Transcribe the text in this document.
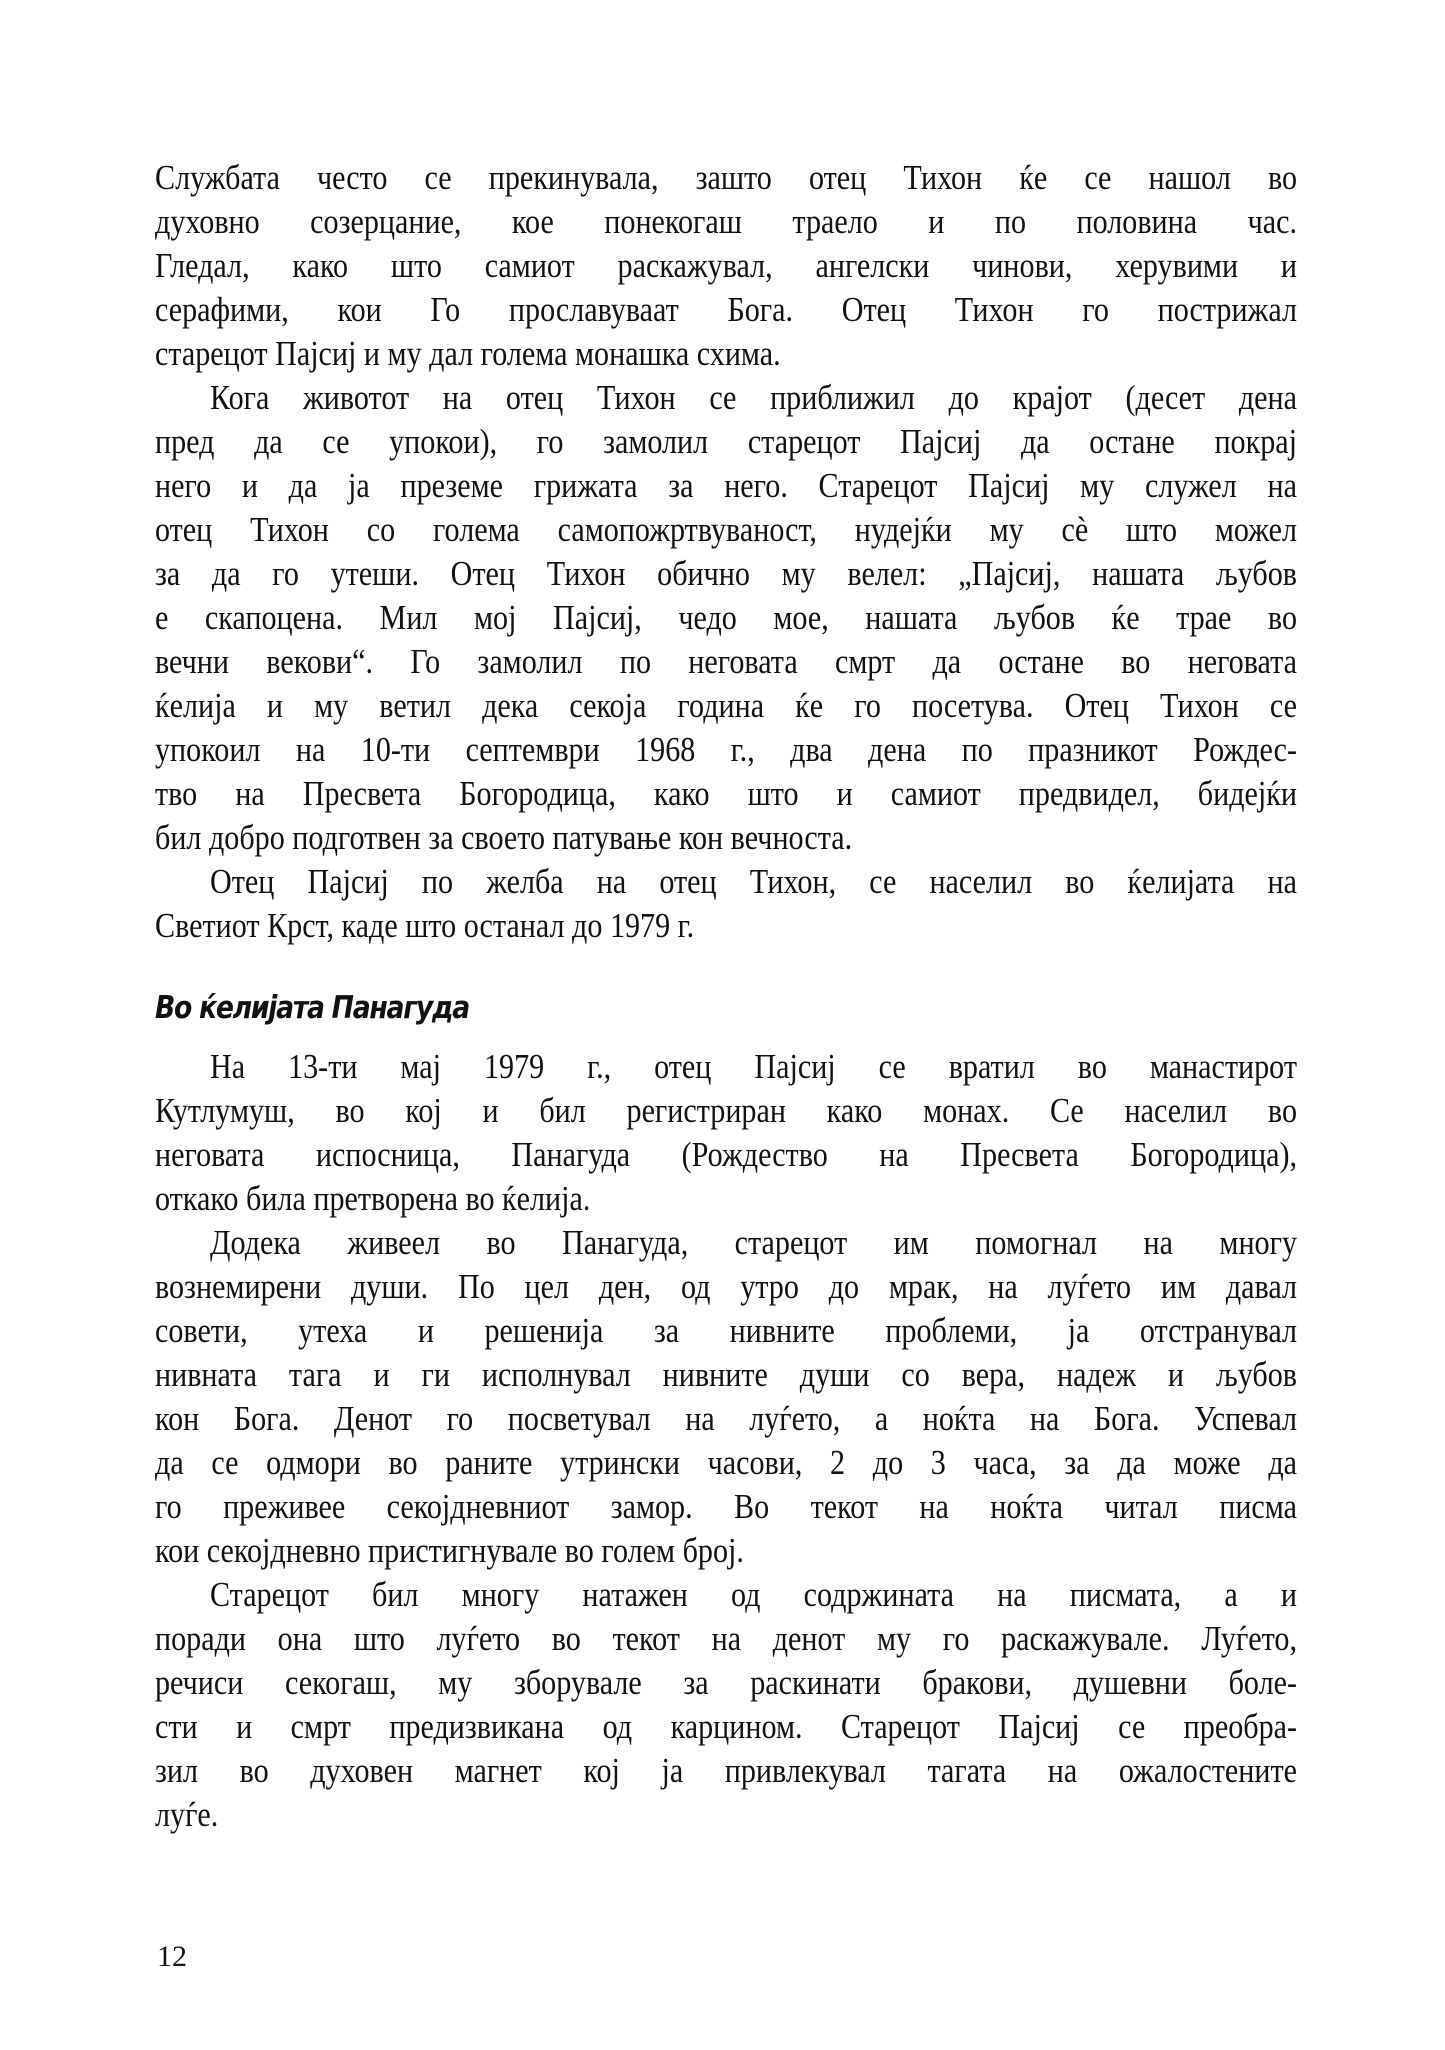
Службата често се прекинувала, зашто отец Тихон ќе се нашол во
духовно созерцание, кое понекогаш траело и по половина час.
Гледал, како што самиот раскажувал, ангелски чинови, херувими и
серафими, кои Го прославуваат Бога. Отец Тихон го пострижал
старецот Пајсиј и му дал голема монашка схима.
Кога животот на отец Тихон се приближил до крајот (десет дена
пред да се упокои), го замолил старецот Пајсиј да остане покрај
него и да ја преземе грижата за него. Старецот Пајсиј му служел на
отец Тихон со голема самопожртвуваност, нудејќи му сè што можел
за да го утеши. Отец Тихон обично му велел: „Пајсиј, нашата љубов
е скапоцена. Мил мој Пајсиј, чедо мое, нашата љубов ќе трае во
вечни векови“. Го замолил по неговата смрт да остане во неговата
ќелија и му ветил дека секоја година ќе го посетува. Отец Тихон се
упокоил на 10-ти септември 1968 г., два дена по празникот Рождес-
тво на Пресвета Богородица, како што и самиот предвидел, бидејќи
бил добро подготвен за своето патување кон вечноста.
Отец Пајсиј по желба на отец Тихон, се населил во ќелијата на
Светиот Крст, каде што останал до 1979 г.
Во ќелијата Панагуда
На 13-ти мај 1979 г., отец Пајсиј се вратил во манастирот
Кутлумуш, во кој и бил регистриран како монах. Се населил во
неговата испосница, Панагуда (Рождество на Пресвета Богородица),
откако била претворена во ќелија.
Додека живеел во Панагуда, старецот им помогнал на многу
вознемирени души. По цел ден, од утро до мрак, на луѓето им давал
совети, утеха и решенија за нивните проблеми, ја отстранувал
нивната тага и ги исполнувал нивните души со вера, надеж и љубов
кон Бога. Денот го посветувал на луѓето, а ноќта на Бога. Успевал
да се одмори во раните утрински часови, 2 до 3 часа, за да може да
го преживее секојдневниот замор. Во текот на ноќта читал писма
кои секојдневно пристигнувале во голем број.
Старецот бил многу натажен од содржината на писмата, а и
поради она што луѓето во текот на денот му го раскажувале. Луѓето,
речиси секогаш, му зборувале за раскинати бракови, душевни боле-
сти и смрт предизвикана од карцином. Старецот Пајсиј се преобра-
зил во духовен магнет кој ја привлекувал тагата на ожалостените
луѓе.
12
